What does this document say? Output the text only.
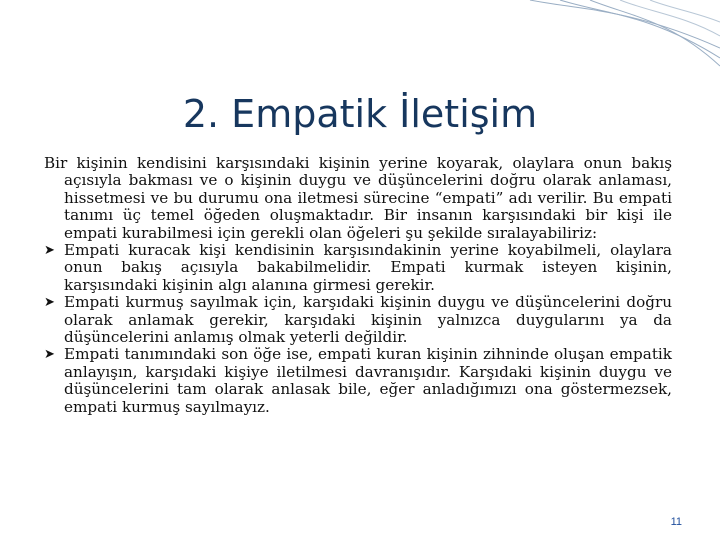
2. Empatik İletişim

Bir kişinin kendisini karşısındaki kişinin yerine koyarak, olaylara onun bakış açısıyla bakması ve o kişinin duygu ve düşüncelerini doğru olarak anlaması, hissetmesi ve bu durumu ona iletmesi sürecine “empati” adı verilir. Bu empati tanımı üç temel öğeden oluşmaktadır. Bir insanın karşısındaki bir kişi ile empati kurabilmesi için gerekli olan öğeleri şu şekilde sıralayabiliriz:

➤ Empati kuracak kişi kendisinin karşısındakinin yerine koyabilmeli, olaylara onun bakış açısıyla bakabilmelidir. Empati kurmak isteyen kişinin, karşısındaki kişinin algı alanına girmesi gerekir.
➤ Empati kurmuş sayılmak için, karşıdaki kişinin duygu ve düşüncelerini doğru olarak anlamak gerekir, karşıdaki kişinin yalnızca duygularını ya da düşüncelerini anlamış olmak yeterli değildir.
➤ Empati tanımındaki son öğe ise, empati kuran kişinin zihninde oluşan empatik anlayışın, karşıdaki kişiye iletilmesi davranışıdır. Karşıdaki kişinin duygu ve düşüncelerini tam olarak anlasak bile, eğer anladığımızı ona göstermezsek, empati kurmuş sayılmayız.
11
